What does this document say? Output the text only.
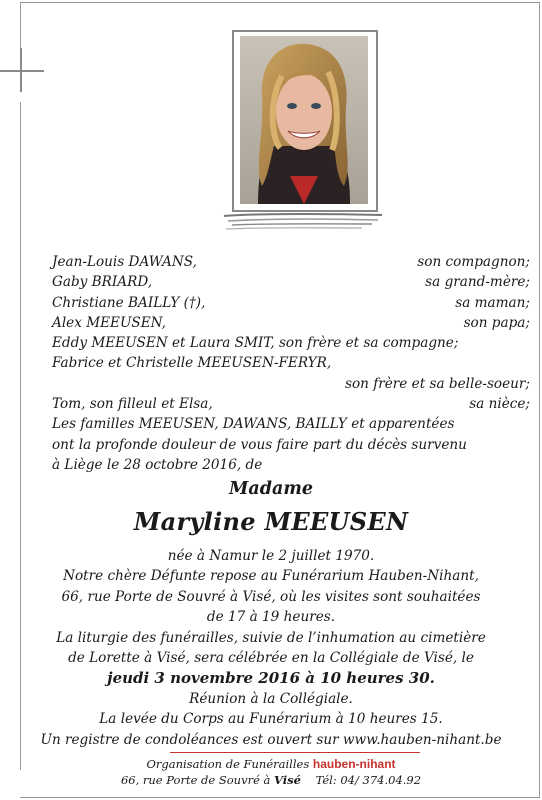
Jean-Louis DAWANS,	son compagnon;
Gaby BRIARD,	sa grand-mère;
Christiane BAILLY (†),	sa maman;
Alex MEEUSEN,	son papa;
Eddy MEEUSEN et Laura SMIT, son frère et sa compagne;
Fabrice et Christelle MEEUSEN-FERYR,
son frère et sa belle-soeur;
Tom, son filleul et Elsa,	sa nièce;
Les familles MEEUSEN, DAWANS, BAILLY et apparentées
ont la profonde douleur de vous faire part du décès survenu
à Liège le 28 octobre 2016, de
Madame
Maryline MEEUSEN
née à Namur le 2 juillet 1970.
Notre chère Défunte repose au Funérarium Hauben-Nihant,
66, rue Porte de Souvré à Visé, où les visites sont souhaitées
de 17 à 19 heures.
La liturgie des funérailles, suivie de l’inhumation au cimetière
de Lorette à Visé, sera célébrée en la Collégiale de Visé, le
jeudi 3 novembre 2016 à 10 heures 30.
Réunion à la Collégiale.
La levée du Corps au Funérarium à 10 heures 15.
Un registre de condoléances est ouvert sur www.hauben-nihant.be
Organisation de Funérailles hauben-nihant
66, rue Porte de Souvré à Visé Tél: 04/ 374.04.92
